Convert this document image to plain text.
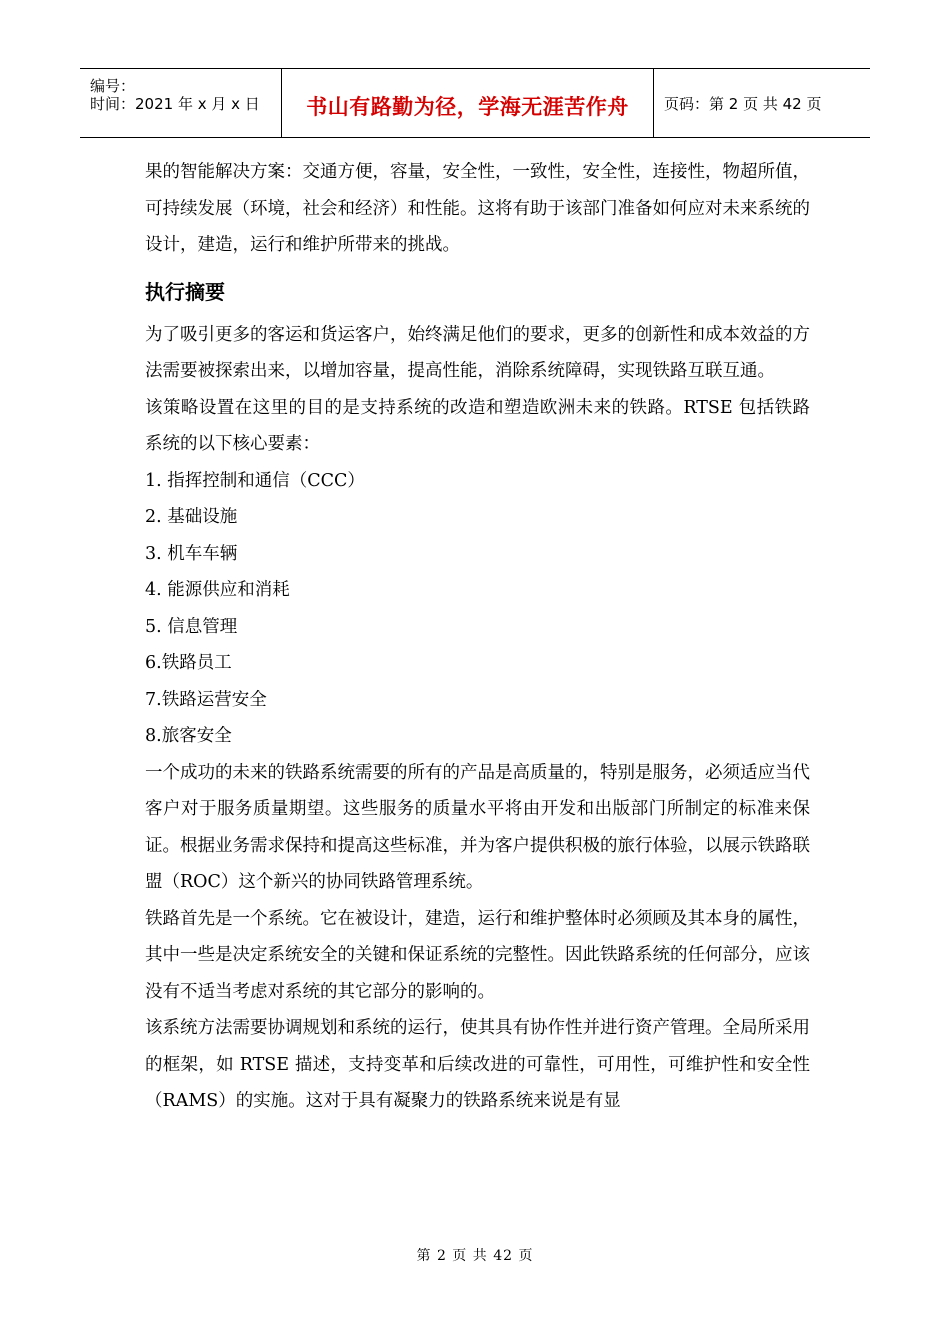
编号：
时间：2021 年 x 月 x 日	书山有路勤为径，学海无涯苦作舟	页码：第 2 页 共 42 页

果的智能解决方案：交通方便，容量，安全性，一致性，安全性，连接性，物超所值，

可持续发展（环境，社会和经济）和性能。这将有助于该部门准备如何应对未来系统的设计，建造，运行和维护所带来的挑战。

执行摘要

为了吸引更多的客运和货运客户，始终满足他们的要求，更多的创新性和成本效益的方法需要被探索出来，以增加容量，提高性能，消除系统障碍，实现铁路互联互通。

该策略设置在这里的目的是支持系统的改造和塑造欧洲未来的铁路。RTSE 包括铁路系统的以下核心要素：

1. 指挥控制和通信（CCC）

2. 基础设施

3. 机车车辆

4. 能源供应和消耗

5. 信息管理

6.铁路员工

7.铁路运营安全

8.旅客安全

一个成功的未来的铁路系统需要的所有的产品是高质量的，特别是服务，必须适应当代客户对于服务质量期望。这些服务的质量水平将由开发和出版部门所制定的标准来保证。根据业务需求保持和提高这些标准，并为客户提供积极的旅行体验，以展示铁路联盟（ROC）这个新兴的协同铁路管理系统。

铁路首先是一个系统。它在被设计，建造，运行和维护整体时必须顾及其本身的属性，其中一些是决定系统安全的关键和保证系统的完整性。因此铁路系统的任何部分，应该没有不适当考虑对系统的其它部分的影响的。

该系统方法需要协调规划和系统的运行，使其具有协作性并进行资产管理。全局所采用的框架，如 RTSE 描述，支持变革和后续改进的可靠性，可用性，可维护性和安全性（RAMS）的实施。这对于具有凝聚力的铁路系统来说是有显

第 2 页 共 42 页
